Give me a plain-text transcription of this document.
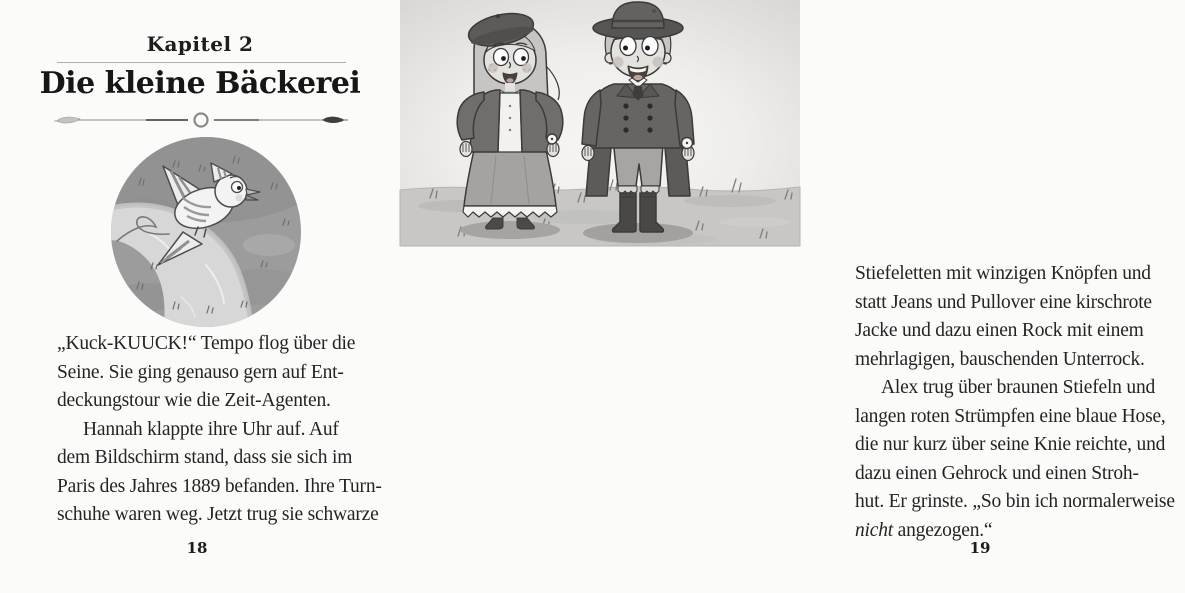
Kapitel 2
Die kleine Bäckerei
„Kuck-KUUCK!“ Tempo flog über die
Seine. Sie ging genauso gern auf Ent-
deckungstour wie die Zeit-Agenten.
Hannah klappte ihre Uhr auf. Auf
dem Bildschirm stand, dass sie sich im
Paris des Jahres 1889 befanden. Ihre Turn-
schuhe waren weg. Jetzt trug sie schwarze
18
Stiefeletten mit winzigen Knöpfen und
statt Jeans und Pullover eine kirschrote
Jacke und dazu einen Rock mit einem
mehrlagigen, bauschenden Unterrock.
Alex trug über braunen Stiefeln und
langen roten Strümpfen eine blaue Hose,
die nur kurz über seine Knie reichte, und
dazu einen Gehrock und einen Stroh-
hut. Er grinste. „So bin ich normalerweise
nicht angezogen.“
19
